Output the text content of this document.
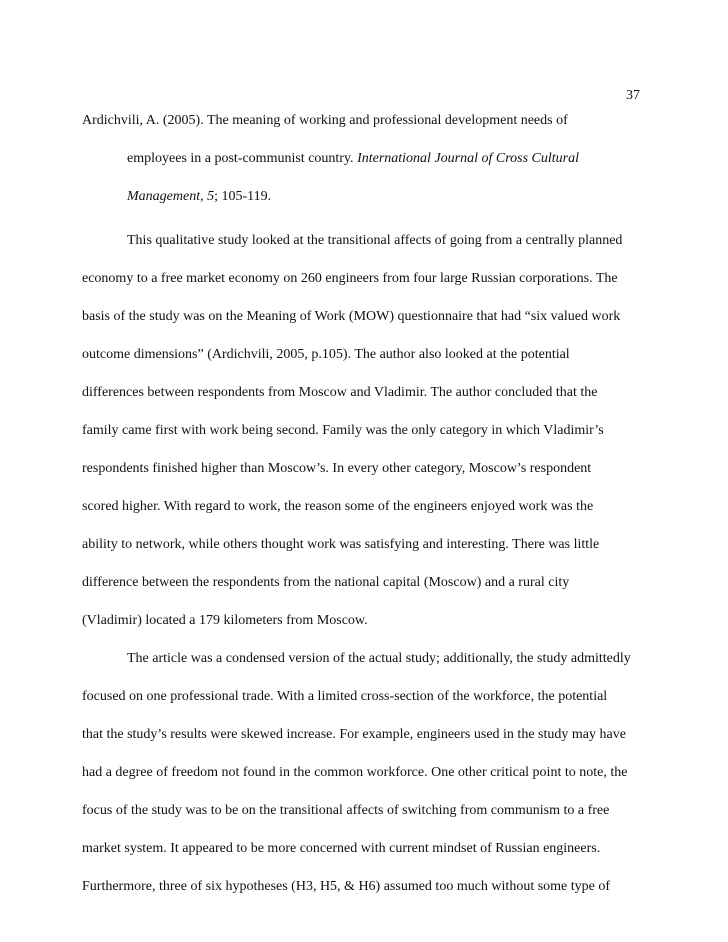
37
Ardichvili, A. (2005). The meaning of working and professional development needs of
employees in a post-communist country. International Journal of Cross Cultural
Management, 5; 105-119.
This qualitative study looked at the transitional affects of going from a centrally planned
economy to a free market economy on 260 engineers from four large Russian corporations. The
basis of the study was on the Meaning of Work (MOW) questionnaire that had “six valued work
outcome dimensions” (Ardichvili, 2005, p.105). The author also looked at the potential
differences between respondents from Moscow and Vladimir. The author concluded that the
family came first with work being second. Family was the only category in which Vladimir’s
respondents finished higher than Moscow’s. In every other category, Moscow’s respondent
scored higher. With regard to work, the reason some of the engineers enjoyed work was the
ability to network, while others thought work was satisfying and interesting. There was little
difference between the respondents from the national capital (Moscow) and a rural city
(Vladimir) located a 179 kilometers from Moscow.
The article was a condensed version of the actual study; additionally, the study admittedly
focused on one professional trade. With a limited cross-section of the workforce, the potential
that the study’s results were skewed increase. For example, engineers used in the study may have
had a degree of freedom not found in the common workforce. One other critical point to note, the
focus of the study was to be on the transitional affects of switching from communism to a free
market system. It appeared to be more concerned with current mindset of Russian engineers.
Furthermore, three of six hypotheses (H3, H5, & H6) assumed too much without some type of
